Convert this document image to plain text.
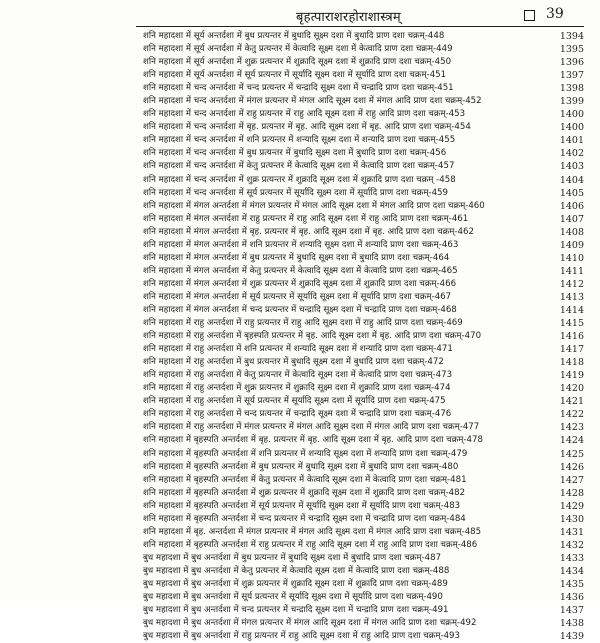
बृहत्पाराशरहोराशास्त्रम्	39
शनि महादशा में सूर्य अन्तर्दशा में बुध प्रत्यन्तर में बुधादि सूक्ष्म दशा में बुधादि प्राण दशा चक्रम्-448	1394
शनि महादशा में सूर्य अन्तर्दशा में केतु प्रत्यन्तर में केत्वादि सूक्ष्म दशा में केत्वादि प्राण दशा चक्रम्-449	1395
शनि महादशा में सूर्य अन्तर्दशा में शुक्र प्रत्यन्तर में शुक्रादि सूक्ष्म दशा में शुक्रादि प्राण दशा चक्रम्-450	1396
शनि महादशा में सूर्य अन्तर्दशा में सूर्य प्रत्यन्तर में सूर्यादि सूक्ष्म दशा में सूर्यादि प्राण दशा चक्रम्-451	1397
शनि महादशा में चन्द अन्तर्दशा में चन्द प्रत्यन्तर में चन्द्रादि सूक्ष्म दशा में चन्द्रादि प्राण दशा चक्रम्-451	1398
शनि महादशा में चन्द अन्तर्दशा में मंगल प्रत्यन्तर में मंगल आदि सूक्ष्म दशा में मंगल आदि प्राण दशा चक्रम्-452	1399
शनि महादशा में चन्द अन्तर्दशा में राहु प्रत्यन्तर में राहु आदि सूक्ष्म दशा में राहु आदि प्राण दशा चक्रम्-453	1400
शनि महादशा में चन्द अन्तर्दशा में बृह. प्रत्यन्तर में बृह. आदि सूक्ष्म दशा में बृह. आदि प्राण दशा चक्रम्-454	1400
शनि महादशा में चन्द अन्तर्दशा में शनि प्रत्यन्तर में शन्यादि सूक्ष्म दशा में शन्यादि प्राण दशा चक्रम्-455	1401
शनि महादशा में चन्द अन्तर्दशा में बुध प्रत्यन्तर में बुधादि सूक्ष्म दशा में बुधादि प्राण दशा चक्रम्-456	1402
शनि महादशा में चन्द अन्तर्दशा में केतु प्रत्यन्तर में केत्वादि सूक्ष्म दशा में केत्वादि प्राण दशा चक्रम्-457	1403
शनि महादशा में चन्द अन्तर्दशा में शुक्र प्रत्यन्तर में शुक्रादि सूक्ष्म दशा में शुक्रादि प्राण दशा चक्रम् -458	1404
शनि महादशा में चन्द अन्तर्दशा में सूर्य प्रत्यन्तर में सूर्यादि सूक्ष्म दशा में सूर्यादि प्राण दशा चक्रम्-459	1405
शनि महादशा में मंगल अन्तर्दशा में मंगल प्रत्यन्तर में मंगल आदि सूक्ष्म दशा में मंगल आदि प्राण दशा चक्रम्-460	1406
शनि महादशा में मंगल अन्तर्दशा में राहु प्रत्यन्तर में राहु आदि सूक्ष्म दशा में राहु आदि प्राण दशा चक्रम्-461	1407
शनि महादशा में मंगल अन्तर्दशा में बृह. प्रत्यन्तर में बृह. आदि सूक्ष्म दशा में बृह. आदि प्राण दशा चक्रम्-462	1408
शनि महादशा में मंगल अन्तर्दशा में शनि प्रत्यन्तर में शन्यादि सूक्ष्म दशा में शन्यादि प्राण दशा चक्रम्-463	1409
शनि महादशा में मंगल अन्तर्दशा में बुध प्रत्यन्तर में बुधादि सूक्ष्म दशा में बुधादि प्राण दशा चक्रम्-464	1410
शनि महादशा में मंगल अन्तर्दशा में केतु प्रत्यन्तर में केत्वादि सूक्ष्म दशा में केत्वादि प्राण दशा चक्रम्-465	1411
शनि महादशा में मंगल अन्तर्दशा में शुक्र प्रत्यन्तर में शुक्रादि सूक्ष्म दशा में शुक्रादि प्राण दशा चक्रम्-466	1412
शनि महादशा में मंगल अन्तर्दशा में सूर्य प्रत्यन्तर में सूर्यादि सूक्ष्म दशा में सूर्यादि प्राण दशा चक्रम्-467	1413
शनि महादशा में मंगल अन्तर्दशा में चन्द प्रत्यन्तर में चन्द्रादि सूक्ष्म दशा में चन्द्रादि प्राण दशा चक्रम्-468	1414
शनि महादशा में राहु अन्तर्दशा में राहु प्रत्यन्तर में राहु आदि सूक्ष्म दशा में राहु आदि प्राण दशा चक्रम्-469	1415
शनि महादशा में राहु अन्तर्दशा में बृहस्पति प्रत्यन्तर में बृह. आदि सूक्ष्म दशा में बृह. आदि प्राण दशा चक्रम्-470	1416
शनि महादशा में राहु अन्तर्दशा में शनि प्रत्यन्तर में शन्यादि सूक्ष्म दशा में शन्यादि प्राण दशा चक्रम्-471	1417
शनि महादशा में राहु अन्तर्दशा में बुध प्रत्यन्तर में बुधादि सूक्ष्म दशा में बुधादि प्राण दशा चक्रम्-472	1418
शनि महादशा में राहु अन्तर्दशा में केतु प्रत्यन्तर में केत्वादि सूक्ष्म दशा में केत्वादि प्राण दशा चक्रम्-473	1419
शनि महादशा में राहु अन्तर्दशा में शुक्र प्रत्यन्तर में शुक्रादि सूक्ष्म दशा में शुक्रादि प्राण दशा चक्रम्-474	1420
शनि महादशा में राहु अन्तर्दशा में सूर्य प्रत्यन्तर में सूर्यादि सूक्ष्म दशा में सूर्यादि प्राण दशा चक्रम्-475	1421
शनि महादशा में राहु अन्तर्दशा में चन्द प्रत्यन्तर में चन्द्रादि सूक्ष्म दशा में चन्द्रादि प्राण दशा चक्रम्-476	1422
शनि महादशा में राहु अन्तर्दशा में मंगल प्रत्यन्तर में मंगल आदि सूक्ष्म दशा में मंगल आदि प्राण दशा चक्रम्-477	1423
शनि महादशा में बृहस्पति अन्तर्दशा में बृह. प्रत्यन्तर में बृह. आदि सूक्ष्म दशा में बृह. आदि प्राण दशा चक्रम्-478	1424
शनि महादशा में बृहस्पति अन्तर्दशा में शनि प्रत्यन्तर में शन्यादि सूक्ष्म दशा में शन्यादि प्राण दशा चक्रम्-479	1425
शनि महादशा में बृहस्पति अन्तर्दशा में बुध प्रत्यन्तर में बुधादि सूक्ष्म दशा में बुधादि प्राण दशा चक्रम्-480	1426
शनि महादशा में बृहस्पति अन्तर्दशा में केतु प्रत्यन्तर में केत्वादि सूक्ष्म दशा में केत्वादि प्राण दशा चक्रम्-481	1427
शनि महादशा में बृहस्पति अन्तर्दशा में शुक्र प्रत्यन्तर में शुक्रादि सूक्ष्म दशा में शुक्रादि प्राण दशा चक्रम्-482	1428
शनि महादशा में बृहस्पति अन्तर्दशा में सूर्य प्रत्यन्तर में सूर्यादि सूक्ष्म दशा में सूर्यादि प्राण दशा चक्रम्-483	1429
शनि महादशा में बृहस्पति अन्तर्दशा में चन्द प्रत्यन्तर में चन्द्रादि सूक्ष्म दशा में चन्द्रादि प्राण दशा चक्रम्-484	1430
शनि महादशा में बृह. अन्तर्दशा में मंगल प्रत्यन्तर में मंगल आदि सूक्ष्म दशा में मंगल आदि प्राण दशा चक्रम्-485	1431
शनि महादशा में बृहस्पति अन्तर्दशा में राहु प्रत्यन्तर में राहु आदि सूक्ष्म दशा में राहु आदि प्राण दशा चक्रम्-486	1432
बुध महादशा में बुध अन्तर्दशा में बुध प्रत्यन्तर में बुधादि सूक्ष्म दशा में बुधादि प्राण दशा चक्रम्-487	1433
बुध महादशा में बुध अन्तर्दशा में केतु प्रत्यन्तर में केत्वादि सूक्ष्म दशा में केत्वादि प्राण दशा चक्रम्-488	1434
बुध महादशा में बुध अन्तर्दशा में शुक्र प्रत्यन्तर में शुक्रादि सूक्ष्म दशा में शुक्रादि प्राण दशा चक्रम्-489	1435
बुध महादशा में बुध अन्तर्दशा में सूर्य प्रत्यन्तर में सूर्यादि सूक्ष्म दशा में सूर्यादि प्राण दशा चक्रम्-490	1436
बुध महादशा में बुध अन्तर्दशा में चन्द प्रत्यन्तर में चन्द्रादि सूक्ष्म दशा में चन्द्रादि प्राण दशा चक्रम्-491	1437
बुध महादशा में बुध अन्तर्दशा में मंगल प्रत्यन्तर में मंगल आदि सूक्ष्म दशा में मंगल आदि प्राण दशा चक्रम्-492	1438
बुध महादशा में बुध अन्तर्दशा में राहु प्रत्यन्तर में राहु आदि सूक्ष्म दशा में राहु आदि प्राण दशा चक्रम्-493	1439
